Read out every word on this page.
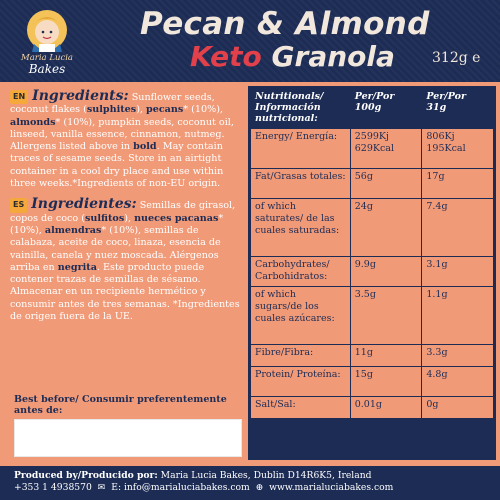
Maria Lucia
Bakes
Pecan & Almond
Keto Granola	312g e
EN Ingredients: Sunflower seeds, coconut flakes (sulphites), pecans* (10%), almonds* (10%), pumpkin seeds, coconut oil, linseed, vanilla essence, cinnamon, nutmeg. Allergens listed above in bold. May contain traces of sesame seeds. Store in an airtight container in a cool dry place and use within three weeks.*Ingredients of non-EU origin.
ES Ingredientes: Semillas de girasol, copos de coco (sulfitos), nueces pacanas* (10%), almendras* (10%), semillas de calabaza, aceite de coco, linaza, esencia de vainilla, canela y nuez moscada. Alérgenos arriba en negrita. Este producto puede contener trazas de semillas de sésamo. Almacenar en un recipiente hermético y consumir antes de tres semanas. *Ingredientes de origen fuera de la UE.
Best before/ Consumir preferentemente antes de:
Nutritionals/ Información nutricional:	Per/Por 100g	Per/Por 31g
Energy/ Energía:	2599Kj 629Kcal	806Kj 195Kcal
Fat/Grasas totales:	56g	17g
of which saturates/ de las cuales saturadas:	24g	7.4g
Carbohydrates/ Carbohidratos:	9.9g	3.1g
of which sugars/de los cuales azúcares:	3.5g	1.1g
Fibre/Fibra:	11g	3.3g
Protein/ Proteína:	15g	4.8g
Salt/Sal:	0.01g	0g
Produced by/Producido por: Maria Lucia Bakes, Dublin D14R6K5, Ireland
+353 1 4938570  ✉  E: info@marialuciabakes.com  ⊕  www.marialuciabakes.com
